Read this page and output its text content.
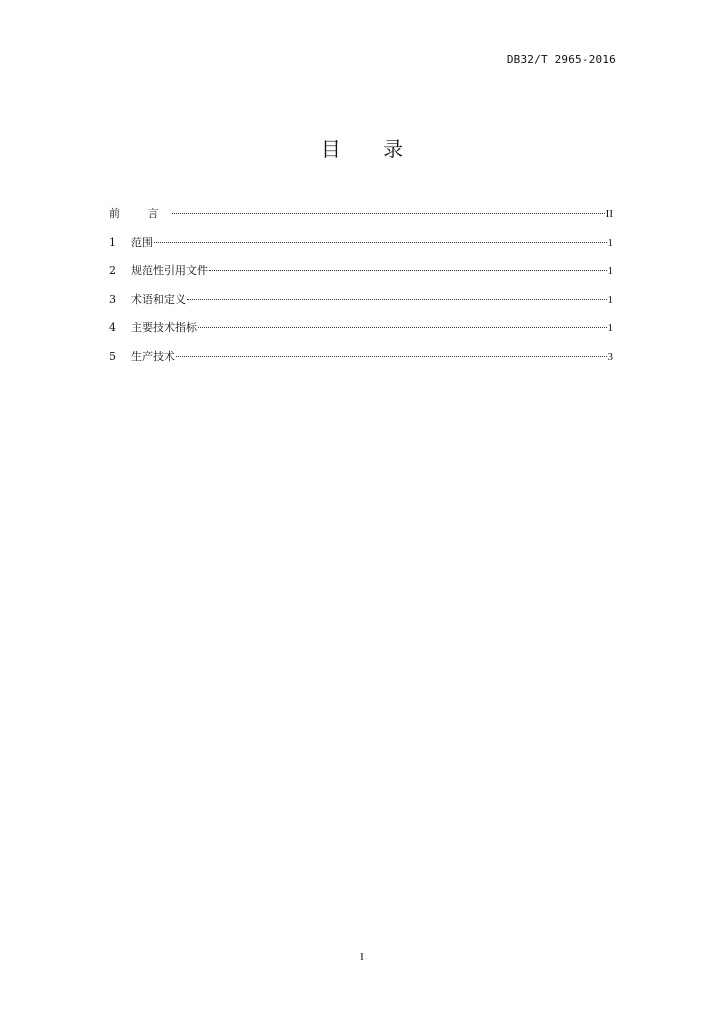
DB32/T 2965-2016
目 录
前 言	II
1	范围	1
2	规范性引用文件	1
3	术语和定义	1
4	主要技术指标	1
5	生产技术	3
I
